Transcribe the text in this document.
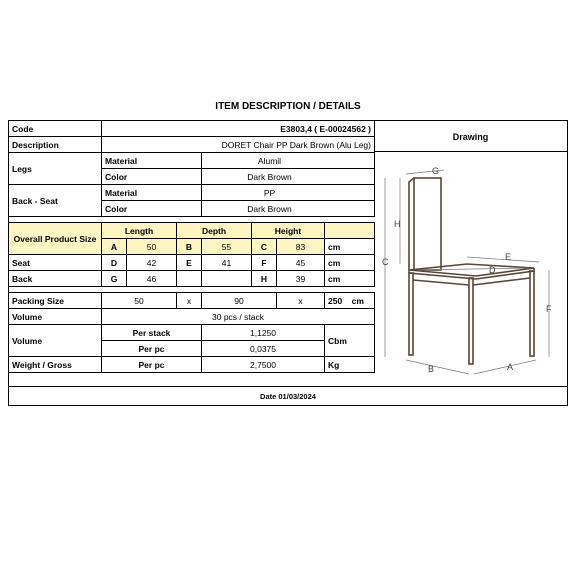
ITEM DESCRIPTION / DETAILS
Code	E3803,4 ( E-00024562 )						
Description	DORET Chair PP Dark Brown (Alu Leg)						
Legs	Material			Alumil			
	Color			Dark Brown			
Back - Seat	Material			PP			
	Color			Dark Brown			

Overall Product Size	Length		Depth		Height		
	A	50	B	55	C	83	cm
Seat	D	42	E	41	F	45	cm
Back	G	46			H	39	cm

Packing Size	50		x	90		x	250 cm
Volume	30 pcs / stack						
Volume	Per stack			1,1250			Cbm
	Per pc			0,0375			
Weight / Gross	Per pc			2,7500			Kg
Drawing
G
H
C
F
E
D
B	A
Date 01/03/2024
